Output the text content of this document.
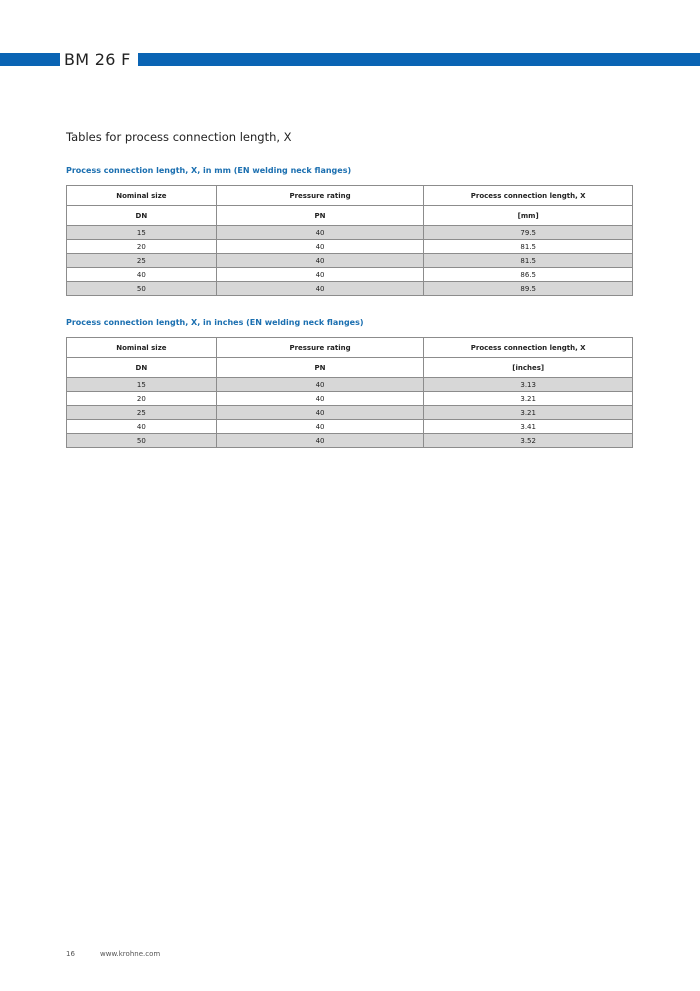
BM 26 F
Tables for process connection length, X
Process connection length, X, in mm (EN welding neck flanges)
Nominal size	Pressure rating	Process connection length, X
DN	PN	[mm]
15	40	79.5
20	40	81.5
25	40	81.5
40	40	86.5
50	40	89.5
Process connection length, X, in inches (EN welding neck flanges)
Nominal size	Pressure rating	Process connection length, X
DN	PN	[inches]
15	40	3.13
20	40	3.21
25	40	3.21
40	40	3.41
50	40	3.52
16	www.krohne.com
